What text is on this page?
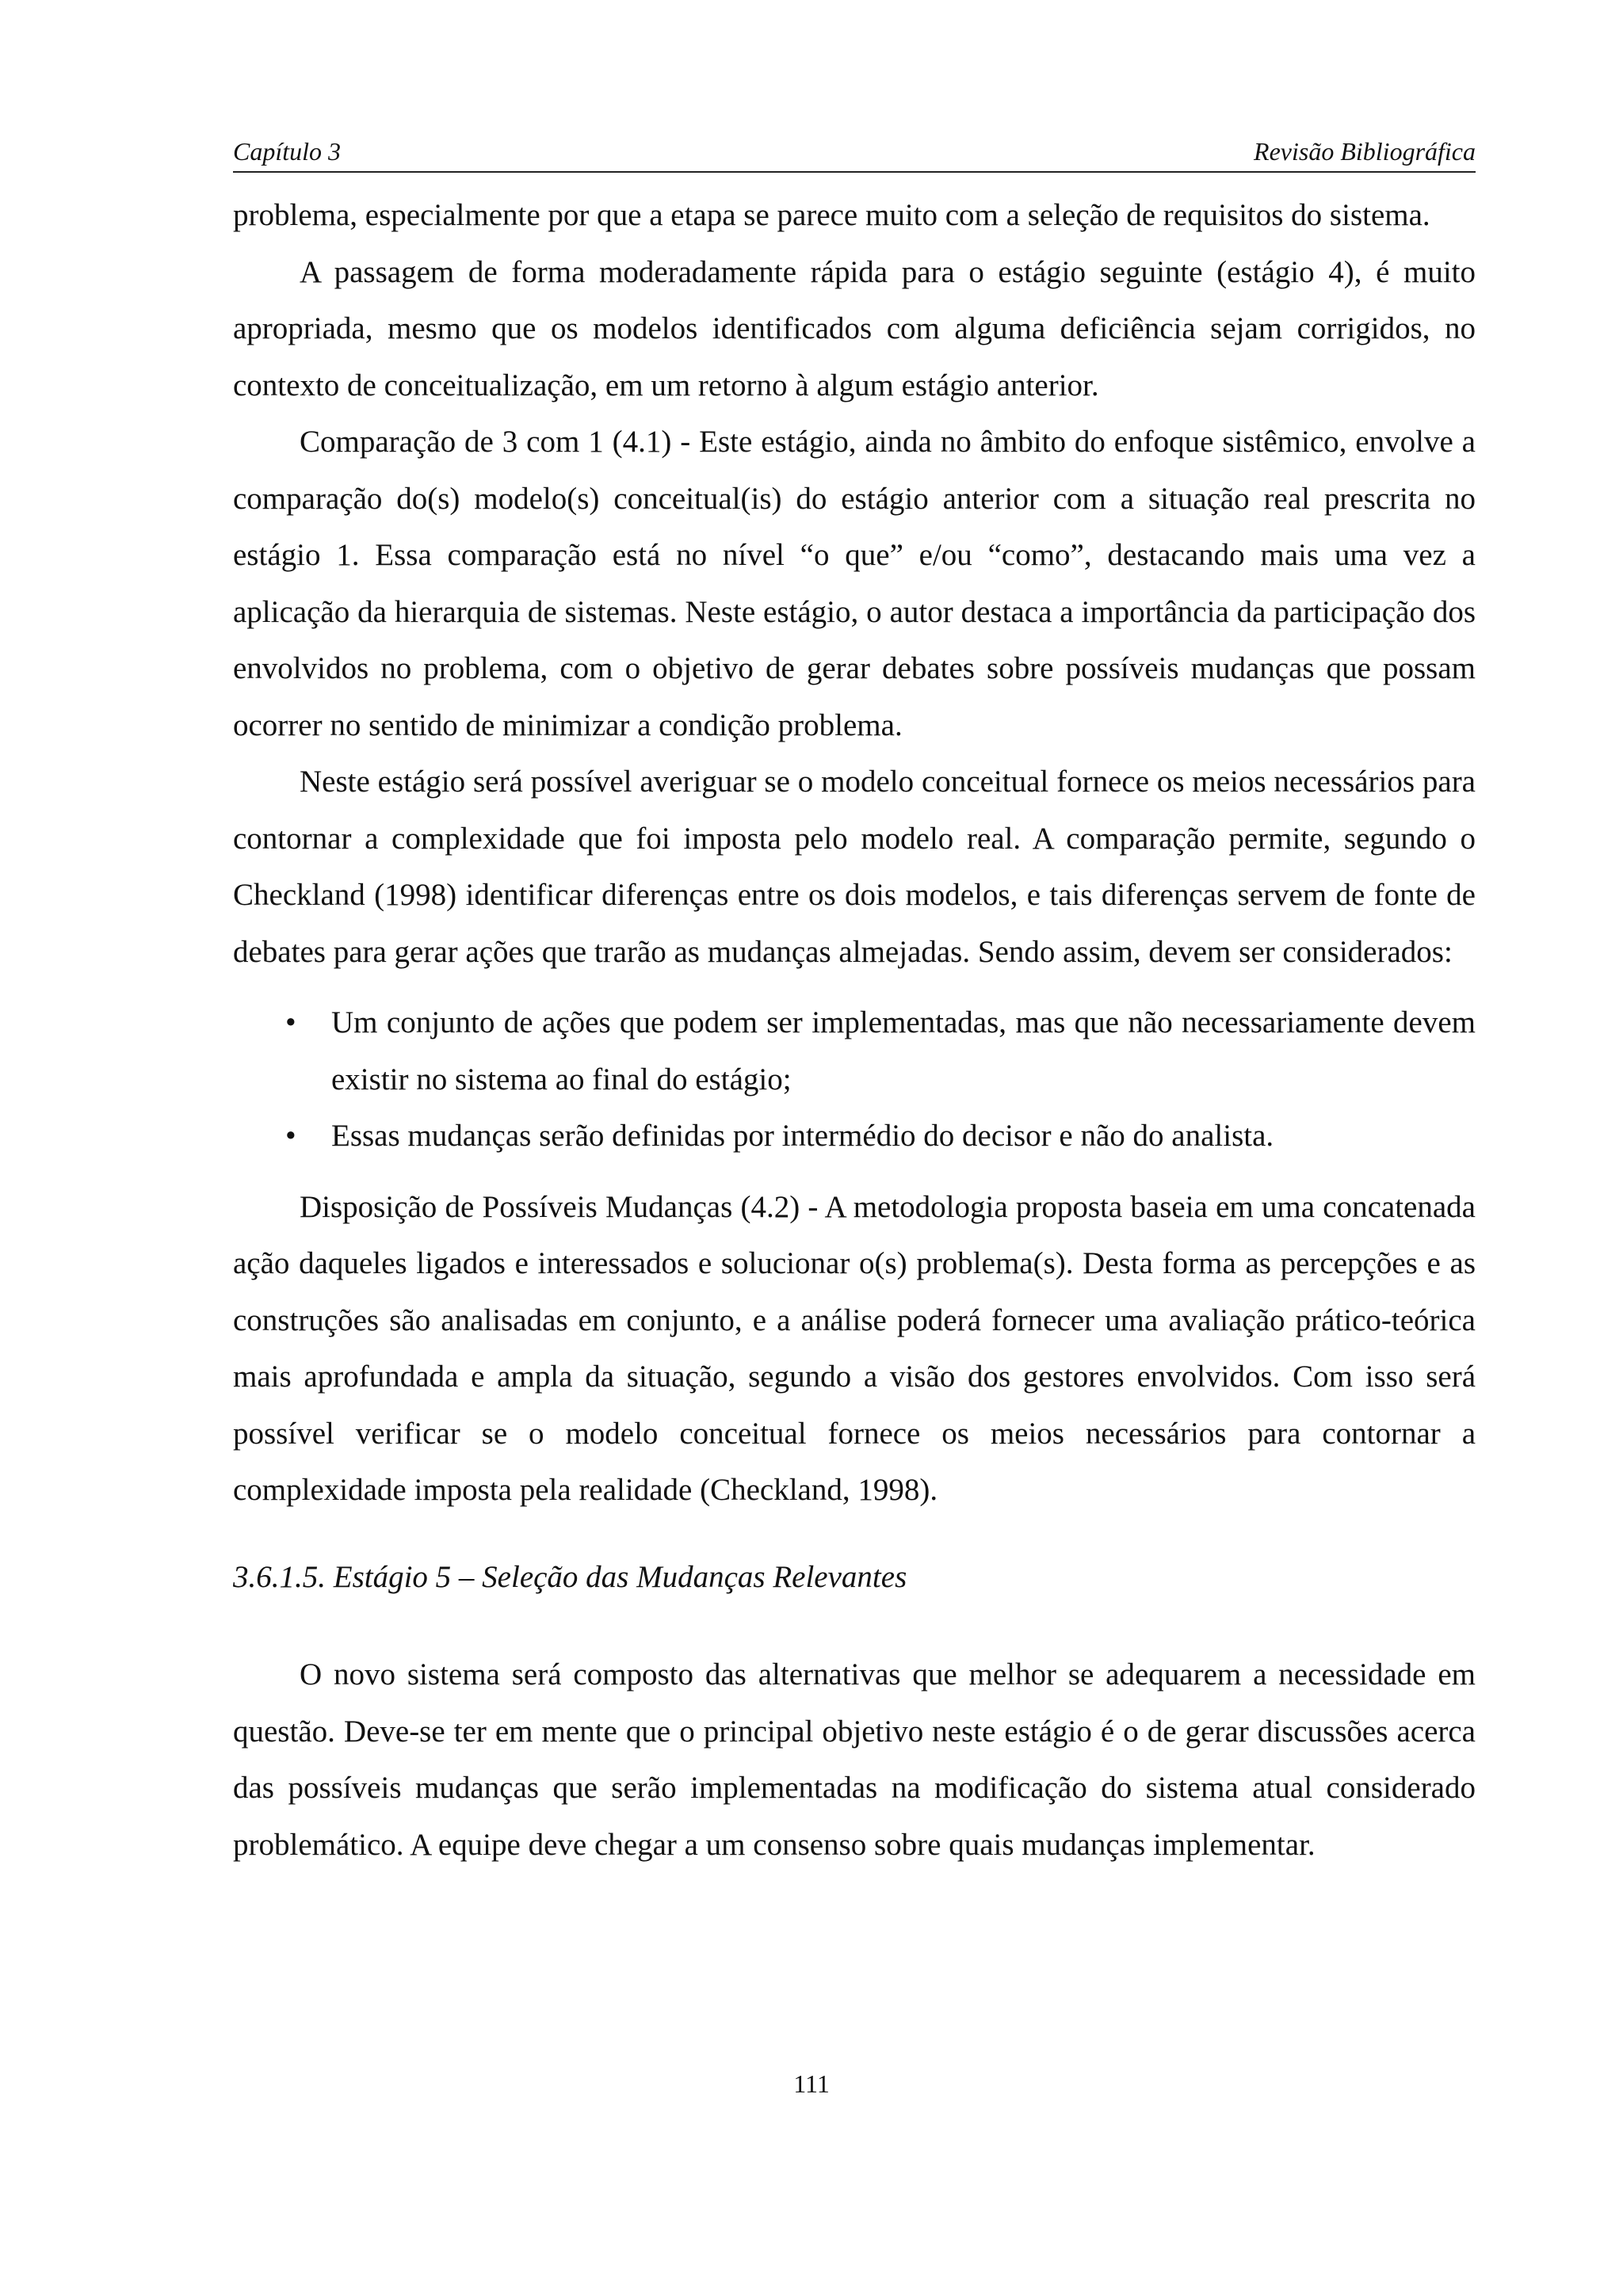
Capítulo 3	Revisão Bibliográfica

problema, especialmente por que a etapa se parece muito com a seleção de requisitos do sistema.

A passagem de forma moderadamente rápida para o estágio seguinte (estágio 4), é muito apropriada, mesmo que os modelos identificados com alguma deficiência sejam corrigidos, no contexto de conceitualização, em um retorno à algum estágio anterior.

Comparação de 3 com 1 (4.1) - Este estágio, ainda no âmbito do enfoque sistêmico, envolve a comparação do(s) modelo(s) conceitual(is) do estágio anterior com a situação real prescrita no estágio 1. Essa comparação está no nível “o que” e/ou “como”, destacando mais uma vez a aplicação da hierarquia de sistemas. Neste estágio, o autor destaca a importância da participação dos envolvidos no problema, com o objetivo de gerar debates sobre possíveis mudanças que possam ocorrer no sentido de minimizar a condição problema.

Neste estágio será possível averiguar se o modelo conceitual fornece os meios necessários para contornar a complexidade que foi imposta pelo modelo real. A comparação permite, segundo o Checkland (1998) identificar diferenças entre os dois modelos, e tais diferenças servem de fonte de debates para gerar ações que trarão as mudanças almejadas. Sendo assim, devem ser considerados:

• Um conjunto de ações que podem ser implementadas, mas que não necessariamente devem existir no sistema ao final do estágio;
• Essas mudanças serão definidas por intermédio do decisor e não do analista.

Disposição de Possíveis Mudanças (4.2) - A metodologia proposta baseia em uma concatenada ação daqueles ligados e interessados e solucionar o(s) problema(s). Desta forma as percepções e as construções são analisadas em conjunto, e a análise poderá fornecer uma avaliação prático-teórica mais aprofundada e ampla da situação, segundo a visão dos gestores envolvidos. Com isso será possível verificar se o modelo conceitual fornece os meios necessários para contornar a complexidade imposta pela realidade (Checkland, 1998).

3.6.1.5. Estágio 5 – Seleção das Mudanças Relevantes

O novo sistema será composto das alternativas que melhor se adequarem a necessidade em questão. Deve-se ter em mente que o principal objetivo neste estágio é o de gerar discussões acerca das possíveis mudanças que serão implementadas na modificação do sistema atual considerado problemático. A equipe deve chegar a um consenso sobre quais mudanças implementar.

111
